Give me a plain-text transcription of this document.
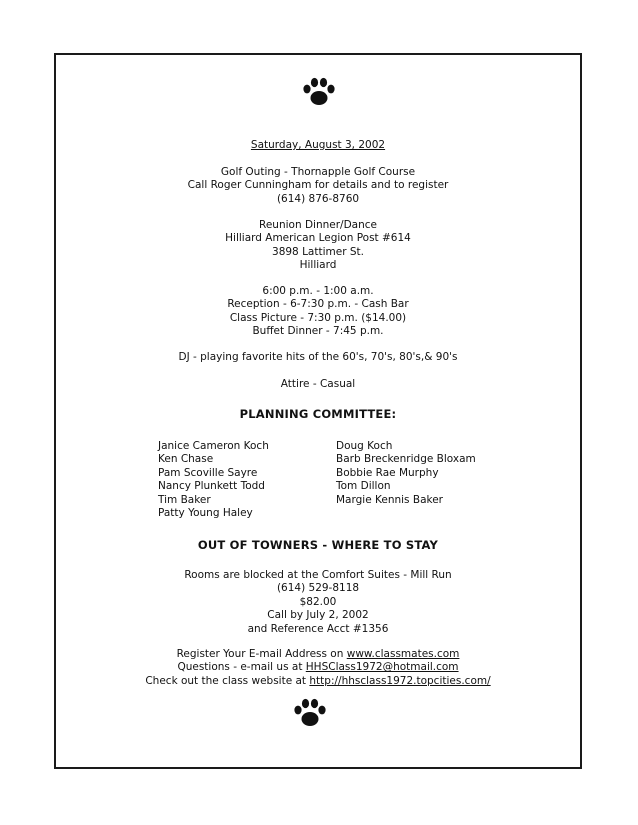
Saturday, August 3, 2002
Golf Outing - Thornapple Golf Course
Call Roger Cunningham for details and to register
(614) 876-8760
Reunion Dinner/Dance
Hilliard American Legion Post #614
3898 Lattimer St.
Hilliard
6:00 p.m. - 1:00 a.m.
Reception - 6-7:30 p.m. - Cash Bar
Class Picture - 7:30 p.m. ($14.00)
Buffet Dinner - 7:45 p.m.
DJ - playing favorite hits of the 60's, 70's, 80's,& 90's
Attire - Casual
PLANNING COMMITTEE:
Janice Cameron Koch
Ken Chase
Pam Scoville Sayre
Nancy Plunkett Todd
Tim Baker
Patty Young Haley
Doug Koch
Barb Breckenridge Bloxam
Bobbie Rae Murphy
Tom Dillon
Margie Kennis Baker
OUT OF TOWNERS - WHERE TO STAY
Rooms are blocked at the Comfort Suites - Mill Run
(614) 529-8118
$82.00
Call by July 2, 2002
and Reference Acct #1356
Register Your E-mail Address on www.classmates.com
Questions - e-mail us at HHSClass1972@hotmail.com
Check out the class website at http://hhsclass1972.topcities.com/
